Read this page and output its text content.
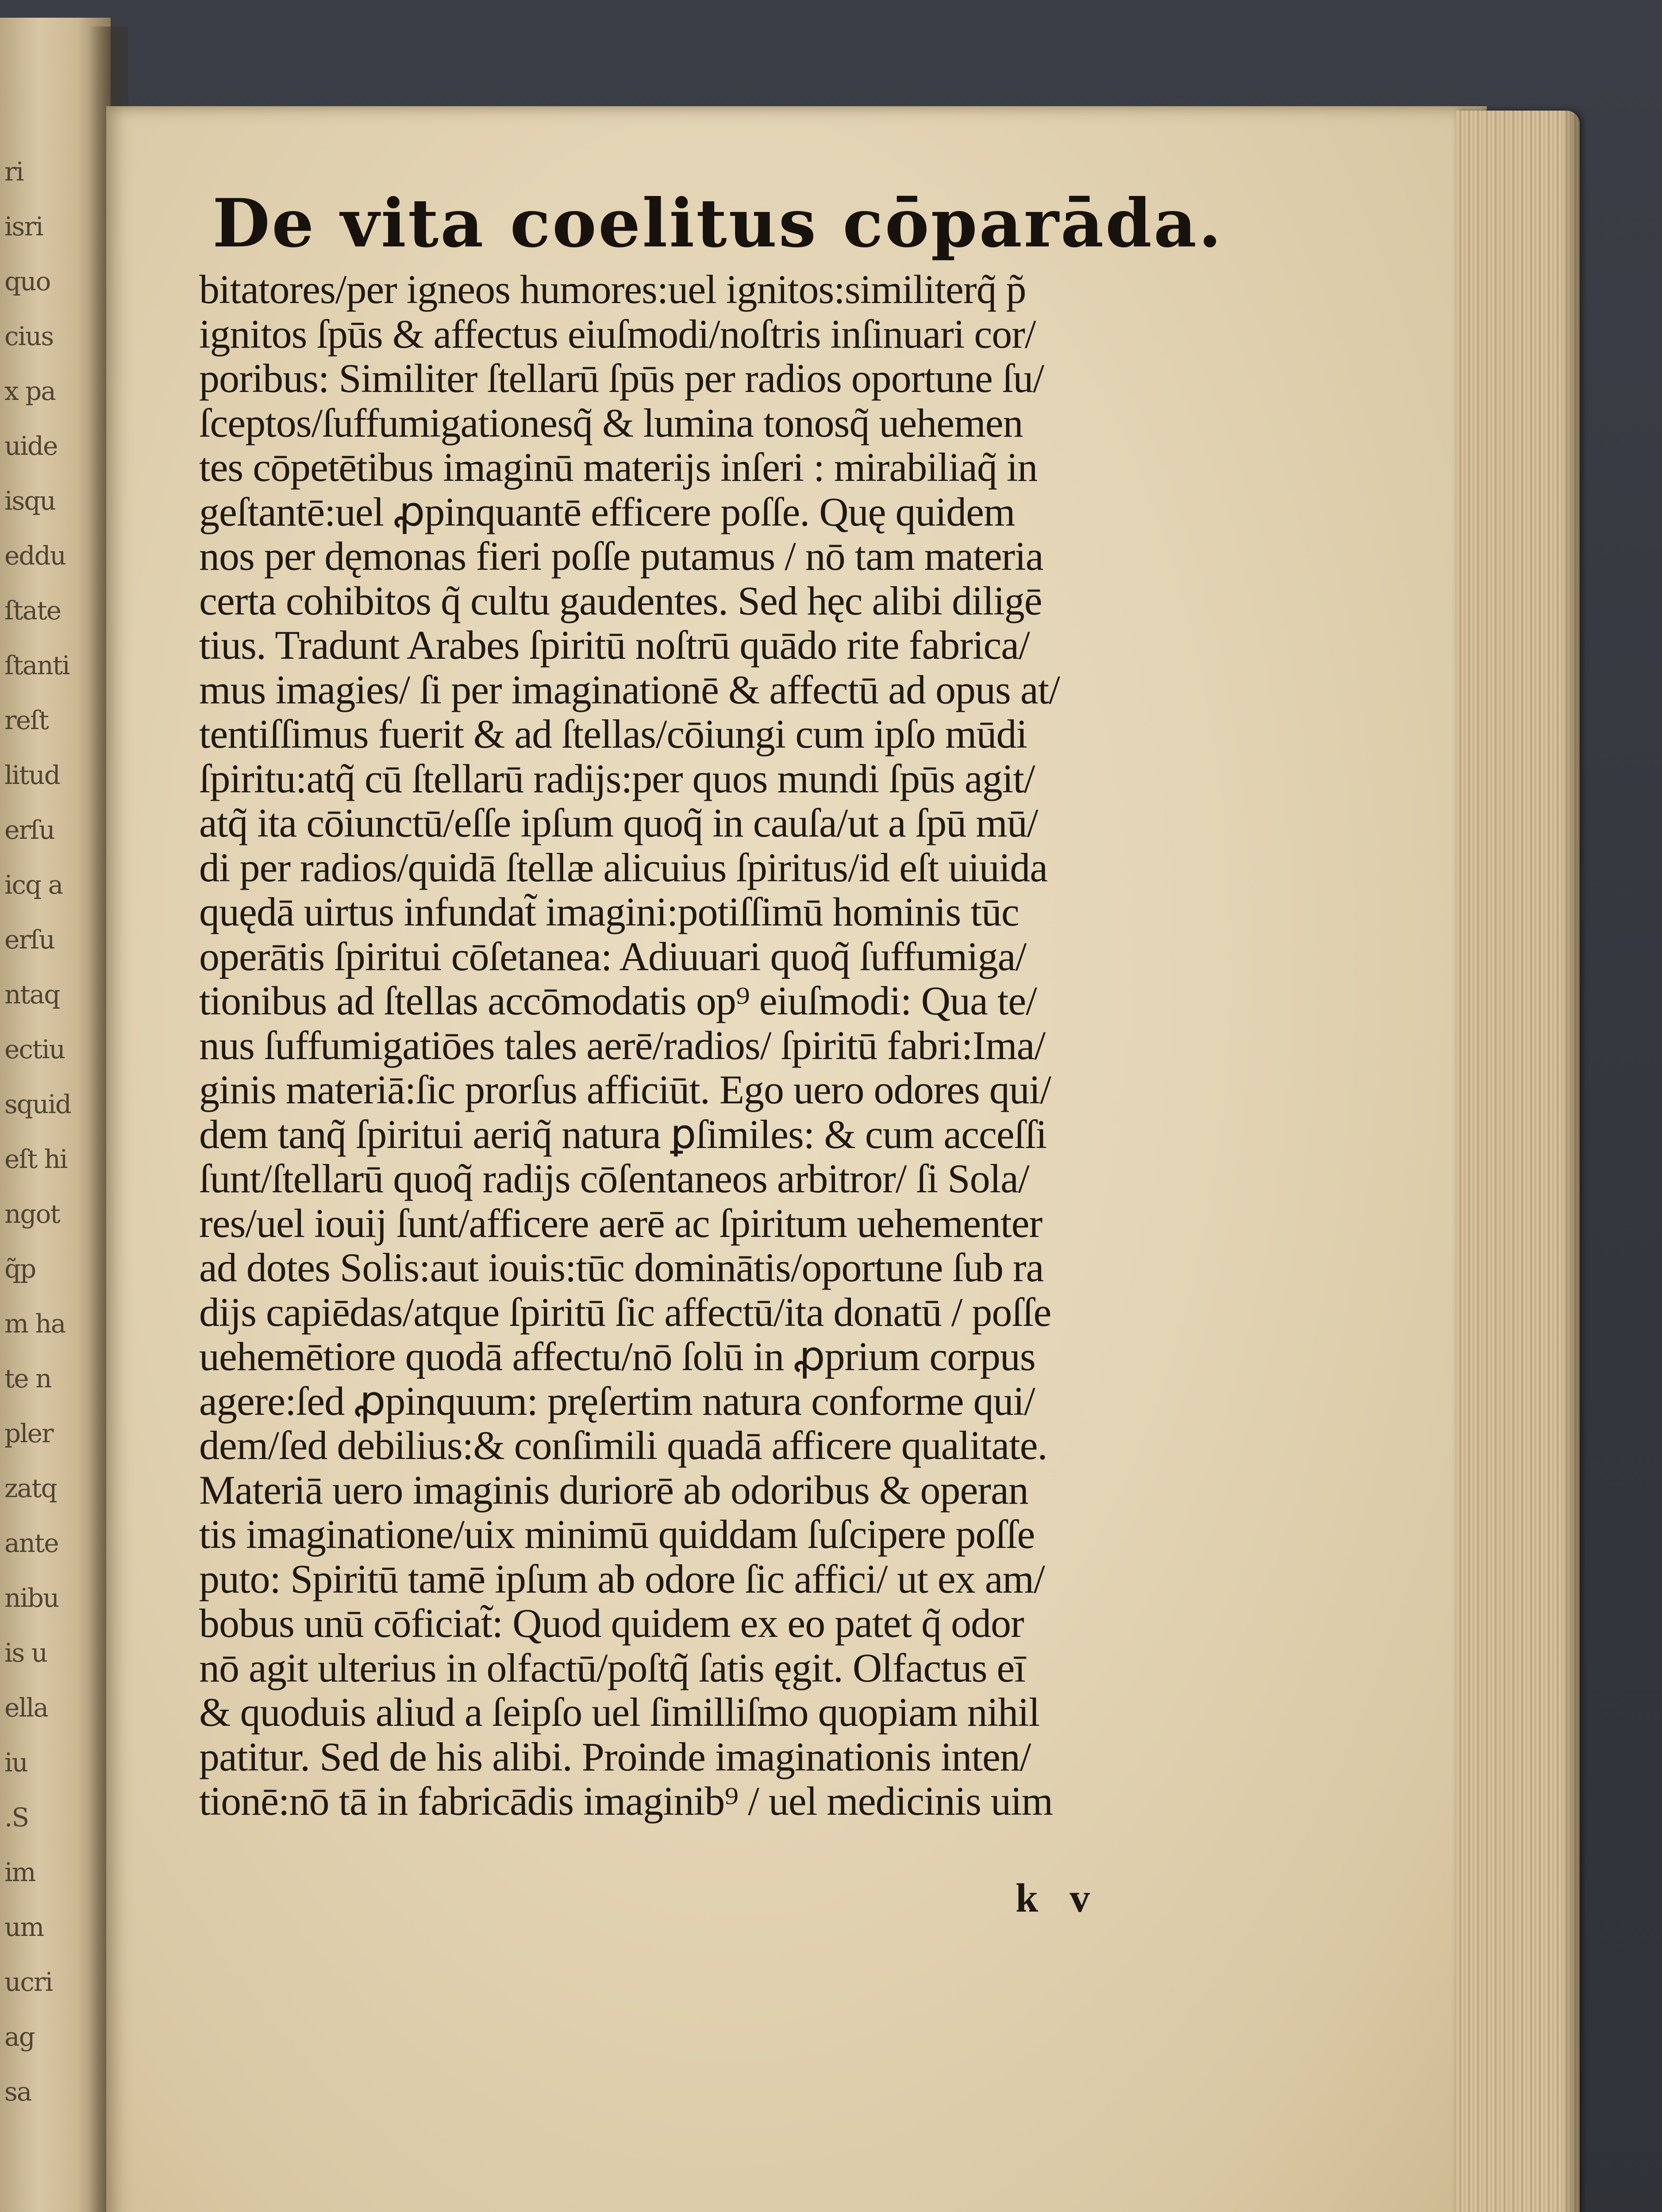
ri
isri
quo
cius
x pa
uide
isqu
eddu
ſtate
ſtanti
reſt
litud
erſu
icq a
erſu
ntaq
ectiu
squid
eſt hi
ngot
q̃p
m ha
te n
pler
zatq
ante
nibu
is u
ella
iu
.S
im
um
ucri
ag
sa
De vita coelitus cōparāda.
bitatores/per igneos humores:uel ignitos:similiterq̃ p̃
ignitos ſpūs & affectus eiuſmodi/noſtris inſinuari cor/
poribus: Similiter ſtellarū ſpūs per radios oportune ſu/
ſceptos/ſuffumigationesq̃ & lumina tonosq̃ uehemen
tes cōpetētibus imaginū materijs inſeri : mirabiliaq̃ in
geſtantē:uel ꝓpinquantē efficere poſſe. Quę quidem
nos per dęmonas fieri poſſe putamus / nō tam materia
certa cohibitos q̃ cultu gaudentes. Sed hęc alibi diligē
tius. Tradunt Arabes ſpiritū noſtrū quādo rite fabrica/
mus imagies/ ſi per imaginationē & affectū ad opus at/
tentiſſimus fuerit & ad ſtellas/cōiungi cum ipſo mūdi
ſpiritu:atq̃ cū ſtellarū radijs:per quos mundi ſpūs agit/
atq̃ ita cōiunctū/eſſe ipſum quoq̃ in cauſa/ut a ſpū mū/
di per radios/quidā ſtellæ alicuius ſpiritus/id eſt uiuida
quędā uirtus infundat̃ imagini:potiſſimū hominis tūc
operātis ſpiritui cōſetanea: Adiuuari quoq̃ ſuffumiga/
tionibus ad ſtellas accōmodatis op⁹ eiuſmodi: Qua te/
nus ſuffumigatiōes tales aerē/radios/ ſpiritū fabri:Ima/
ginis materiā:ſic prorſus afficiūt. Ego uero odores qui/
dem tanq̃ ſpiritui aeriq̃ natura ꝑſimiles: & cum acceſſi
ſunt/ſtellarū quoq̃ radijs cōſentaneos arbitror/ ſi Sola/
res/uel iouij ſunt/afficere aerē ac ſpiritum uehementer
ad dotes Solis:aut iouis:tūc dominātis/oportune ſub ra
dijs capiēdas/atque ſpiritū ſic affectū/ita donatū / poſſe
uehemētiore quodā affectu/nō ſolū in ꝓprium corpus
agere:ſed ꝓpinquum: pręſertim natura conforme qui/
dem/ſed debilius:& conſimili quadā afficere qualitate.
Materiā uero imaginis duriorē ab odoribus & operan
tis imaginatione/uix minimū quiddam ſuſcipere poſſe
puto: Spiritū tamē ipſum ab odore ſic affici/ ut ex am/
bobus unū cōficiat̃: Quod quidem ex eo patet q̃ odor
nō agit ulterius in olfactū/poſtq̃ ſatis ęgit. Olfactus eī
& quoduis aliud a ſeipſo uel ſimilliſmo quopiam nihil
patitur. Sed de his alibi. Proinde imaginationis inten/
tionē:nō tā in fabricādis imaginib⁹ / uel medicinis uim
k v
